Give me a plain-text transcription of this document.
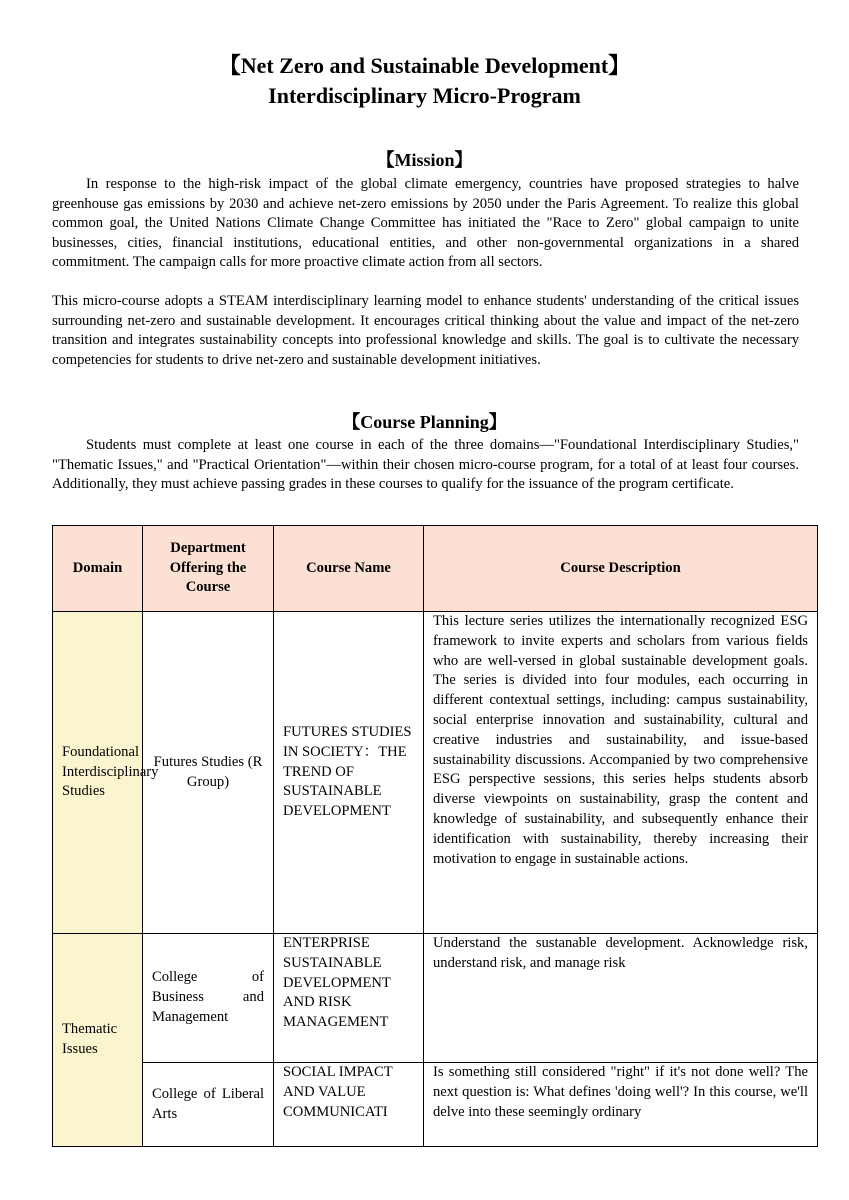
【Net Zero and Sustainable Development】
Interdisciplinary Micro-Program
【Mission】
In response to the high-risk impact of the global climate emergency, countries have proposed strategies to halve greenhouse gas emissions by 2030 and achieve net-zero emissions by 2050 under the Paris Agreement. To realize this global common goal, the United Nations Climate Change Committee has initiated the "Race to Zero" global campaign to unite businesses, cities, financial institutions, educational entities, and other non-governmental organizations in a shared commitment. The campaign calls for more proactive climate action from all sectors.
This micro-course adopts a STEAM interdisciplinary learning model to enhance students' understanding of the critical issues surrounding net-zero and sustainable development. It encourages critical thinking about the value and impact of the net-zero transition and integrates sustainability concepts into professional knowledge and skills. The goal is to cultivate the necessary competencies for students to drive net-zero and sustainable development initiatives.
【Course Planning】
Students must complete at least one course in each of the three domains—"Foundational Interdisciplinary Studies," "Thematic Issues," and "Practical Orientation"—within their chosen micro-course program, for a total of at least four courses. Additionally, they must achieve passing grades in these courses to qualify for the issuance of the program certificate.
Domain	Department Offering the Course	Course Name	Course Description
Foundational Interdisciplinary Studies	Futures Studies (R Group)	FUTURES STUDIES IN SOCIETY：THE TREND OF SUSTAINABLE DEVELOPMENT	This lecture series utilizes the internationally recognized ESG framework to invite experts and scholars from various fields who are well-versed in global sustainable development goals. The series is divided into four modules, each occurring in different contextual settings, including: campus sustainability, social enterprise innovation and sustainability, cultural and creative industries and sustainability, and issue-based sustainability discussions. Accompanied by two comprehensive ESG perspective sessions, this series helps students absorb diverse viewpoints on sustainability, grasp the content and knowledge of sustainability, and subsequently enhance their identification with sustainability, thereby increasing their motivation to engage in sustainable actions.
Thematic Issues	College of Business and Management	ENTERPRISE SUSTAINABLE DEVELOPMENT AND RISK MANAGEMENT	Understand the sustanable development. Acknowledge risk, understand risk, and manage risk
	College of Liberal Arts	SOCIAL IMPACT AND VALUE COMMUNICATI	Is something still considered "right" if it's not done well? The next question is: What defines 'doing well'? In this course, we'll delve into these seemingly ordinary
